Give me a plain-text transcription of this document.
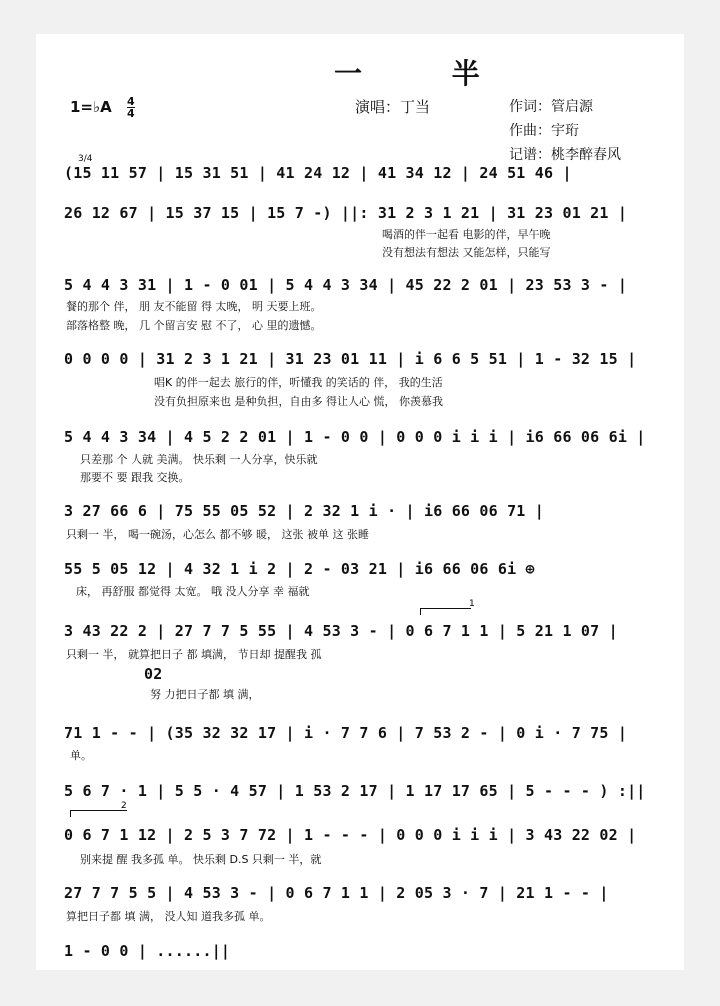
一 半
1=♭A $\frac{4}{4}$	演唱：丁当	作词：管启源
作曲：宇珩
记谱：桃李醉春风
3/4
(15 11 57 | 15 31 51 | 41 24 12 | 41 34 12 | 24 51 46 |
26 12 67 | 15 37 15 | 15 7 -) ||: 31 2 3 1 21 | 31 23 01 21 |
喝酒的伴一起看 电影的伴，早午晚
没有想法有想法 又能怎样，只能写
5 4 4 3 31 | 1 - 0 01 | 5 4 4 3 34 | 45 22 2 01 | 23 53 3 - |
餐的那个 伴， 朋 友不能留 得 太晚， 明 天要上班。
部落格整 晚， 几 个留言安 慰 不了， 心 里的遗憾。
0 0 0 0 | 31 2 3 1 21 | 31 23 01 11 | i 6 6 5 51 | 1 - 32 15 |
唱K 的伴一起去 旅行的伴，听懂我 的笑话的 伴， 我的生活
没有负担原来也 是种负担，自由多 得让人心 慌， 你羡慕我
5 4 4 3 34 | 4 5 2 2 01 | 1 - 0 0 | 0 0 0 i i i | i6 66 06 6i |
只差那 个 人就 美满。 快乐剩 一人分享，快乐就
那要不 要 跟我 交换。
3 27 66 6 | 75 55 05 52 | 2 32 1 i · | i6 66 06 71 |
只剩一 半， 喝一碗汤，心怎么 都不够 暖， 这张 被单 这 张睡
55 5 05 12 | 4 32 1 i 2 | 2 - 03 21 | i6 66 06 6i ⊕
床， 再舒服 都觉得 太宽。 哦 没人分享 幸 福就
1
3 43 22 2 | 27 7 7 5 55 | 4 53 3 - | 0 6 7 1 1 | 5 21 1 07 |
只剩一 半， 就算把日子 都 填满， 节日却 提醒我 孤
02
努 力把日子都 填 满，
71 1 - - | (35 32 32 17 | i · 7 7 6 | 7 53 2 - | 0 i · 7 75 |
单。
5 6 7 · 1 | 5 5 · 4 57 | 1 53 2 17 | 1 17 17 65 | 5 - - - ) :||
2
0 6 7 1 12 | 2 5 3 7 72 | 1 - - - | 0 0 0 i i i | 3 43 22 02 |
别来提 醒 我多孤 单。 快乐剩 D.S 只剩一 半，就
27 7 7 5 5 | 4 53 3 - | 0 6 7 1 1 | 2 05 3 · 7 | 21 1 - - |
算把日子都 填 满， 没人知 道我多孤 单。
1 - 0 0 | ......||
